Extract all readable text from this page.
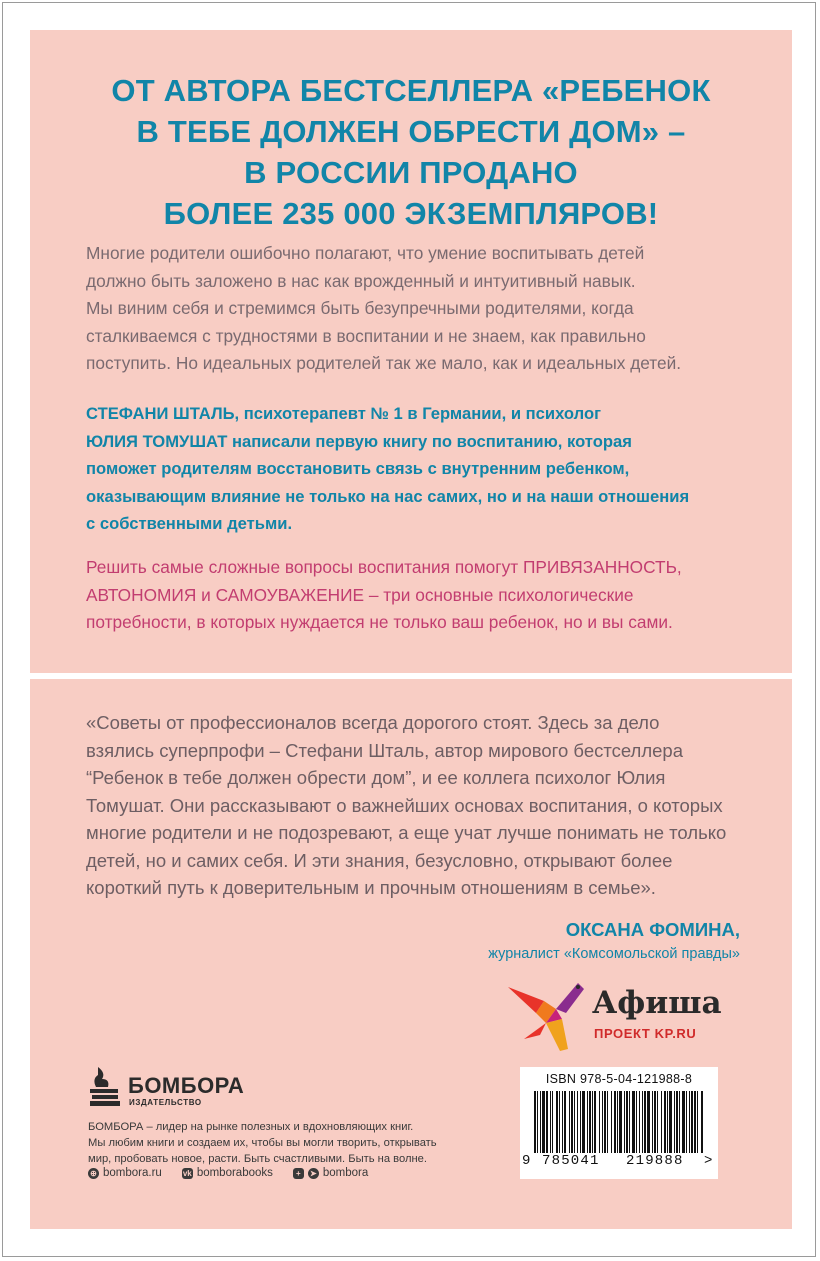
ОТ АВТОРА БЕСТСЕЛЛЕРА «РЕБЕНОК
В ТЕБЕ ДОЛЖЕН ОБРЕСТИ ДОМ» –
В РОССИИ ПРОДАНО
БОЛЕЕ 235 000 ЭКЗЕМПЛЯРОВ!
Многие родители ошибочно полагают, что умение воспитывать детей
должно быть заложено в нас как врожденный и интуитивный навык.
Мы виним себя и стремимся быть безупречными родителями, когда
сталкиваемся с трудностями в воспитании и не знаем, как правильно
поступить. Но идеальных родителей так же мало, как и идеальных детей.
СТЕФАНИ ШТАЛЬ, психотерапевт № 1 в Германии, и психолог
ЮЛИЯ ТОМУШАТ написали первую книгу по воспитанию, которая
поможет родителям восстановить связь с внутренним ребенком,
оказывающим влияние не только на нас самих, но и на наши отношения
с собственными детьми.
Решить самые сложные вопросы воспитания помогут ПРИВЯЗАННОСТЬ,
АВТОНОМИЯ и САМОУВАЖЕНИЕ – три основные психологические
потребности, в которых нуждается не только ваш ребенок, но и вы сами.
«Советы от профессионалов всегда дорогого стоят. Здесь за дело
взялись суперпрофи – Стефани Шталь, автор мирового бестселлера
“Ребенок в тебе должен обрести дом”, и ее коллега психолог Юлия
Томушат. Они рассказывают о важнейших основах воспитания, о которых
многие родители и не подозревают, а еще учат лучше понимать не только
детей, но и самих себя. И эти знания, безусловно, открывают более
короткий путь к доверительным и прочным отношениям в семье».
ОКСАНА ФОМИНА,
журналист «Комсомольской правды»
Афиша
ПРОЕКТ KP.RU
БОМБОРА
ИЗДАТЕЛЬСТВО
БОМБОРА – лидер на рынке полезных и вдохновляющих книг.
Мы любим книги и создаем их, чтобы вы могли творить, открывать
мир, пробовать новое, расти. Быть счастливыми. Быть на волне.
⊕ bombora.ru	vk bomborabooks	+	➤ bombora
ISBN 978-5-04-121988-8
9 785041 219888 >
